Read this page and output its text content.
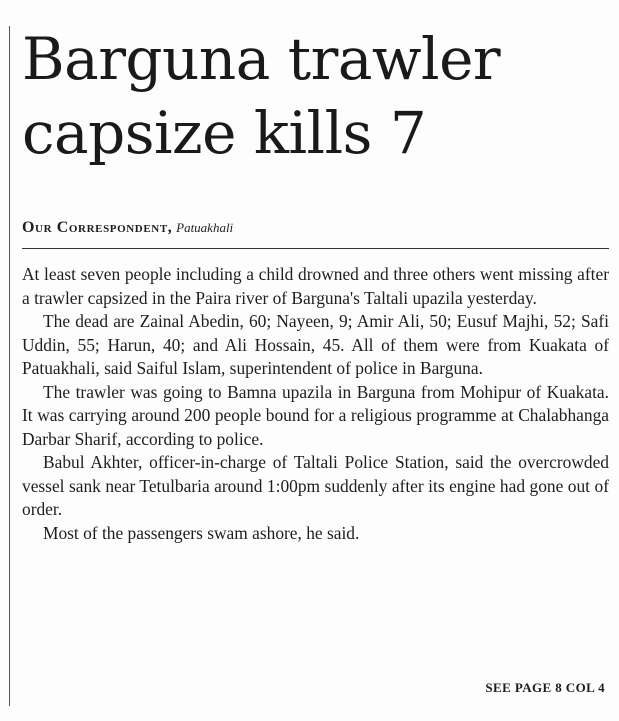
Barguna trawler
capsize kills 7
Our Correspondent, Patuakhali

At least seven people including a child drowned and three others went missing after a trawler capsized in the Paira river of Barguna's Taltali upazila yesterday.

The dead are Zainal Abedin, 60; Nayeen, 9; Amir Ali, 50; Eusuf Majhi, 52; Safi Uddin, 55; Harun, 40; and Ali Hossain, 45. All of them were from Kuakata of Patuakhali, said Saiful Islam, superintendent of police in Barguna.

The trawler was going to Bamna upazila in Barguna from Mohipur of Kuakata. It was carrying around 200 people bound for a religious programme at Chalabhanga Darbar Sharif, according to police.

Babul Akhter, officer-in-charge of Taltali Police Station, said the overcrowded vessel sank near Tetulbaria around 1:00pm suddenly after its engine had gone out of order.

Most of the passengers swam ashore, he said.

SEE PAGE 8 COL 4
